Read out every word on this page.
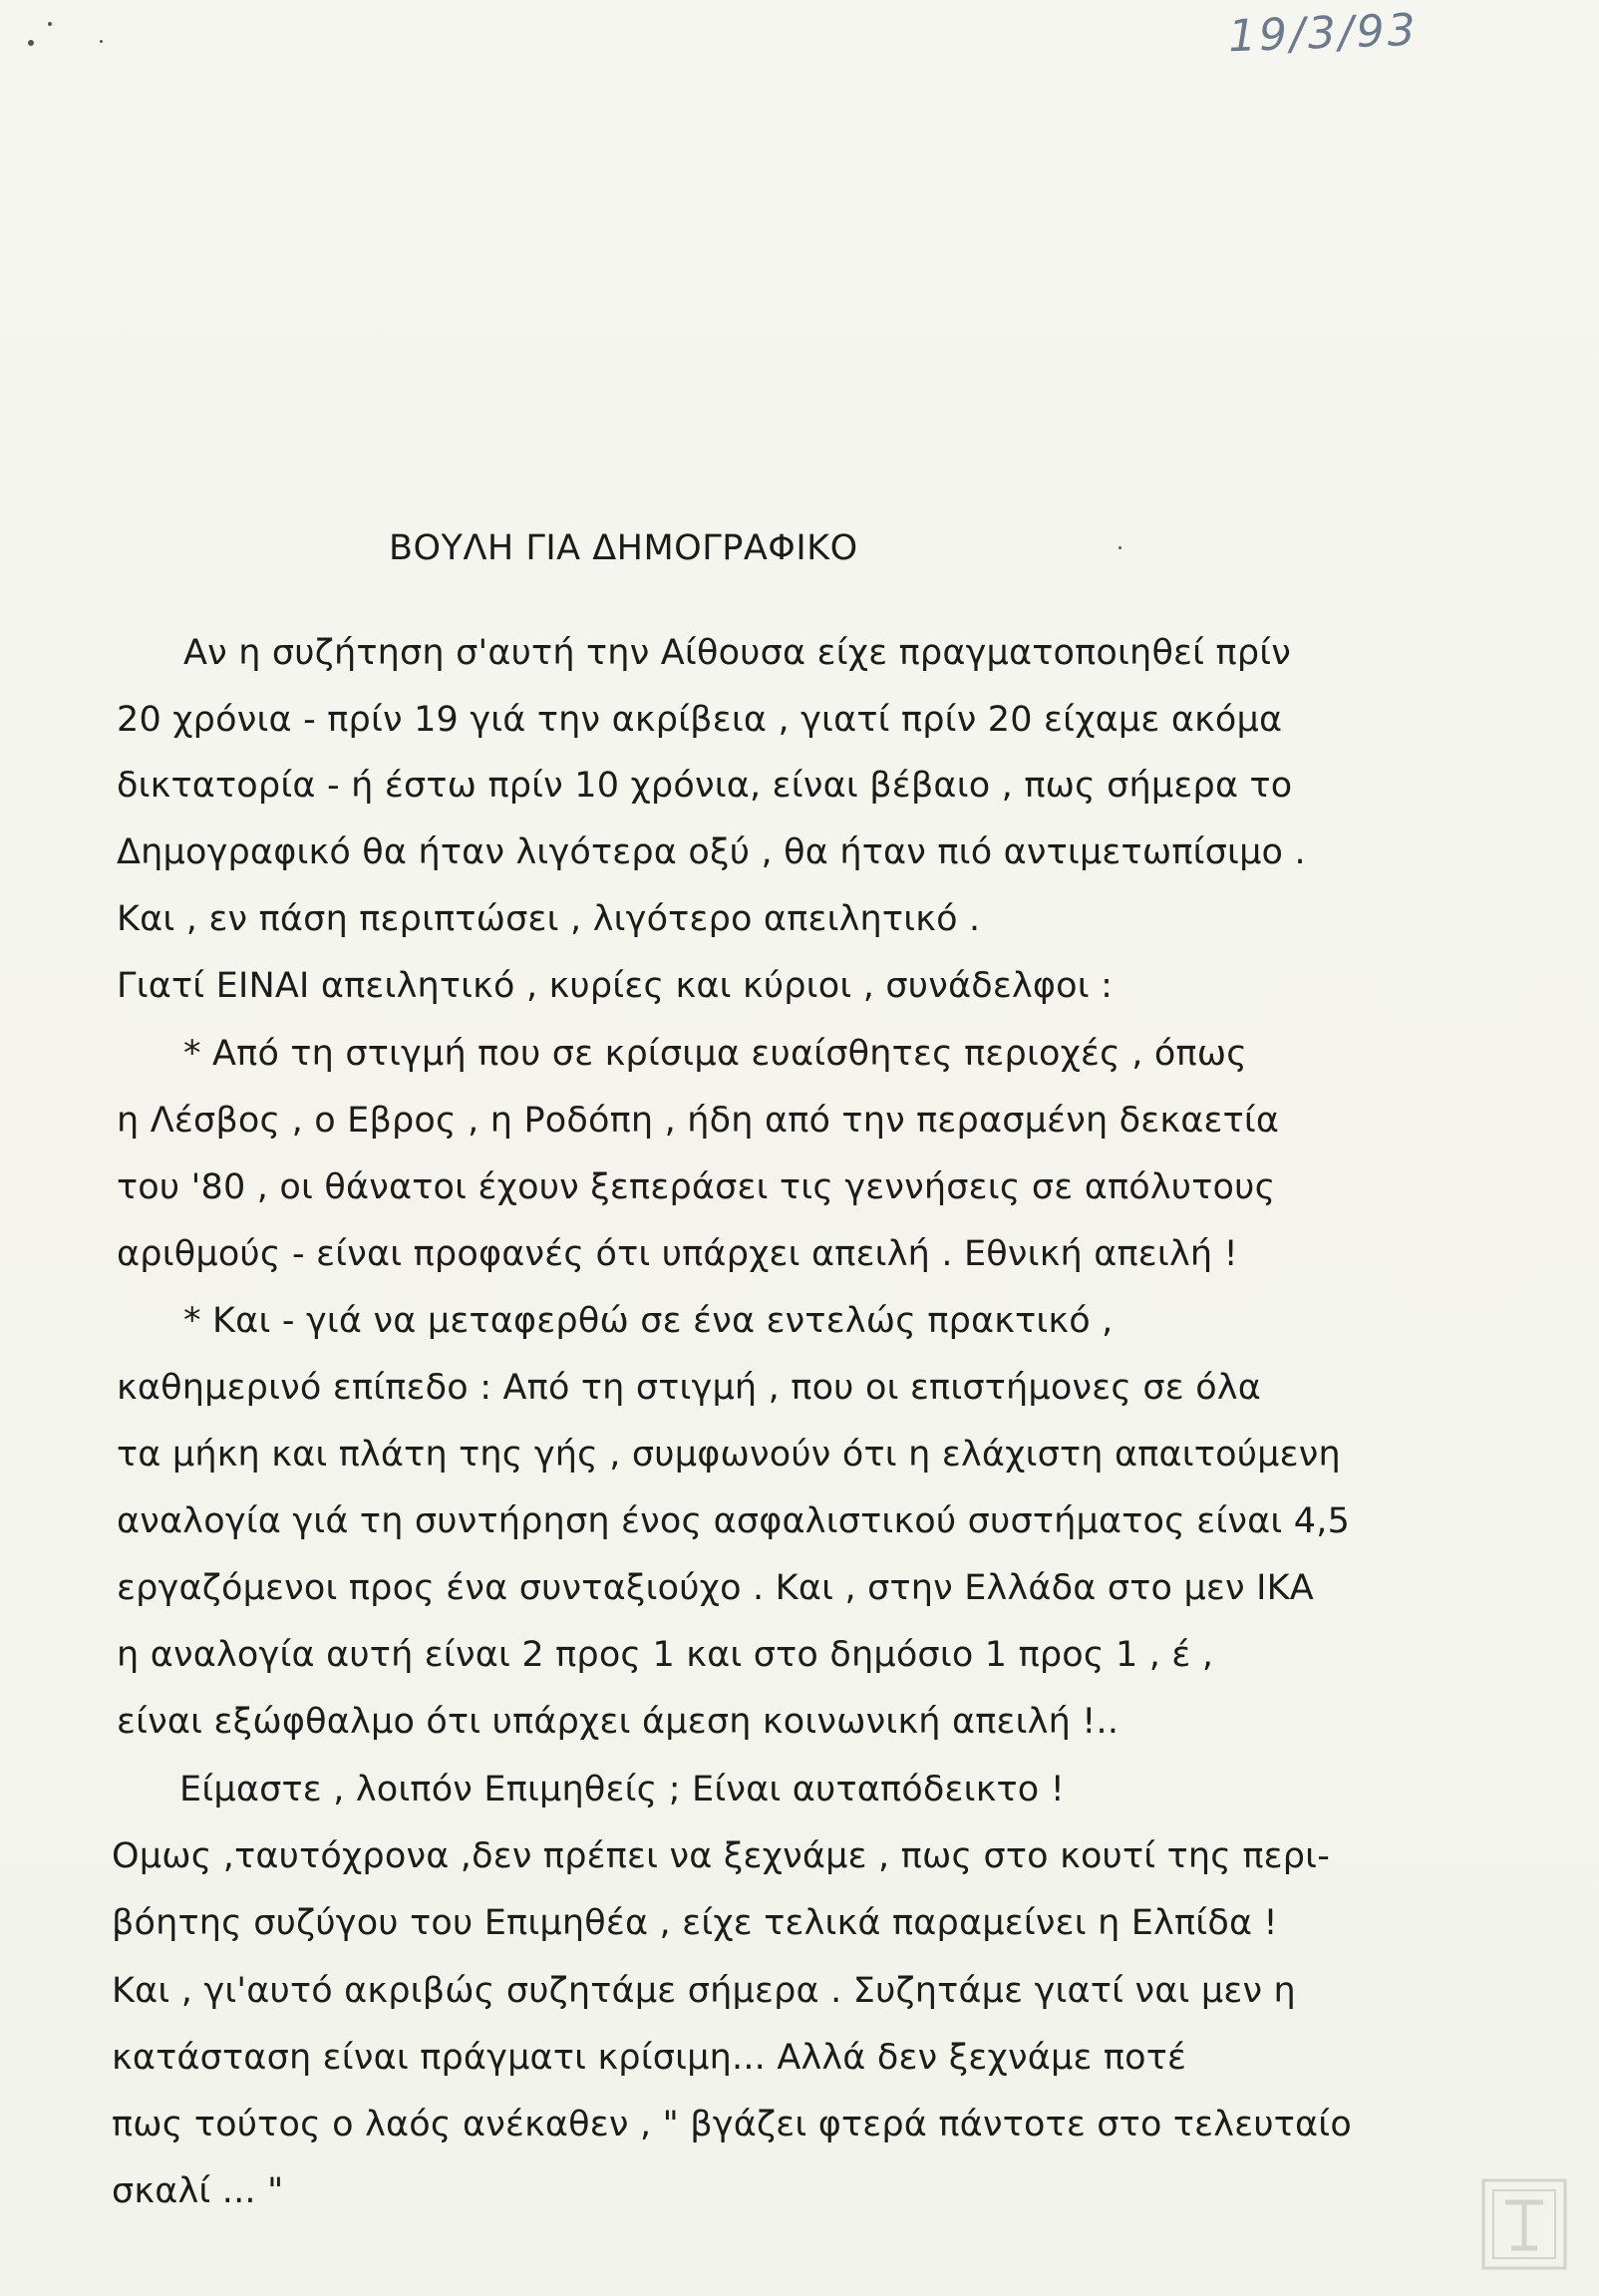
19/3/93
ΒΟΥΛΗ ΓΙΑ ΔΗΜΟΓΡΑΦΙΚΟ
Αν η συζήτηση σ'αυτή την Αίθουσα είχε πραγματοποιηθεί πρίν
20 χρόνια - πρίν 19 γιά την ακρίβεια , γιατί πρίν 20 είχαμε ακόμα
δικτατορία - ή έστω πρίν 10 χρόνια, είναι βέβαιο , πως σήμερα το
Δημογραφικό θα ήταν λιγότερα οξύ , θα ήταν πιό αντιμετωπίσιμο .
Και , εν πάση περιπτώσει , λιγότερο απειλητικό .
Γιατί ΕΙΝΑΙ απειλητικό , κυρίες και κύριοι , συνάδελφοι :
* Από τη στιγμή που σε κρίσιμα ευαίσθητες περιοχές , όπως
η Λέσβος , ο Εβρος , η Ροδόπη , ήδη από την περασμένη δεκαετία
του '80 , οι θάνατοι έχουν ξεπεράσει τις γεννήσεις σε απόλυτους
αριθμούς - είναι προφανές ότι υπάρχει απειλή . Εθνική απειλή !
* Και - γιά να μεταφερθώ σε ένα εντελώς πρακτικό ,
καθημερινό επίπεδο : Από τη στιγμή , που οι επιστήμονες σε όλα
τα μήκη και πλάτη της γής , συμφωνούν ότι η ελάχιστη απαιτούμενη
αναλογία γιά τη συντήρηση ένος ασφαλιστικού συστήματος είναι 4,5
εργαζόμενοι προς ένα συνταξιούχο . Και , στην Ελλάδα στο μεν ΙΚΑ
η αναλογία αυτή είναι 2 προς 1 και στο δημόσιο 1 προς 1 , έ ,
είναι εξώφθαλμο ότι υπάρχει άμεση κοινωνική απειλή !..
Είμαστε , λοιπόν Επιμηθείς ; Είναι αυταπόδεικτο !
Ομως ,ταυτόχρονα ,δεν πρέπει να ξεχνάμε , πως στο κουτί της περι-
βόητης συζύγου του Επιμηθέα , είχε τελικά παραμείνει η Ελπίδα !
Και , γι'αυτό ακριβώς συζητάμε σήμερα . Συζητάμε γιατί ναι μεν η
κατάσταση είναι πράγματι κρίσιμη... Αλλά δεν ξεχνάμε ποτέ
πως τούτος ο λαός ανέκαθεν , " βγάζει φτερά πάντοτε στο τελευταίο
σκαλί ... "
